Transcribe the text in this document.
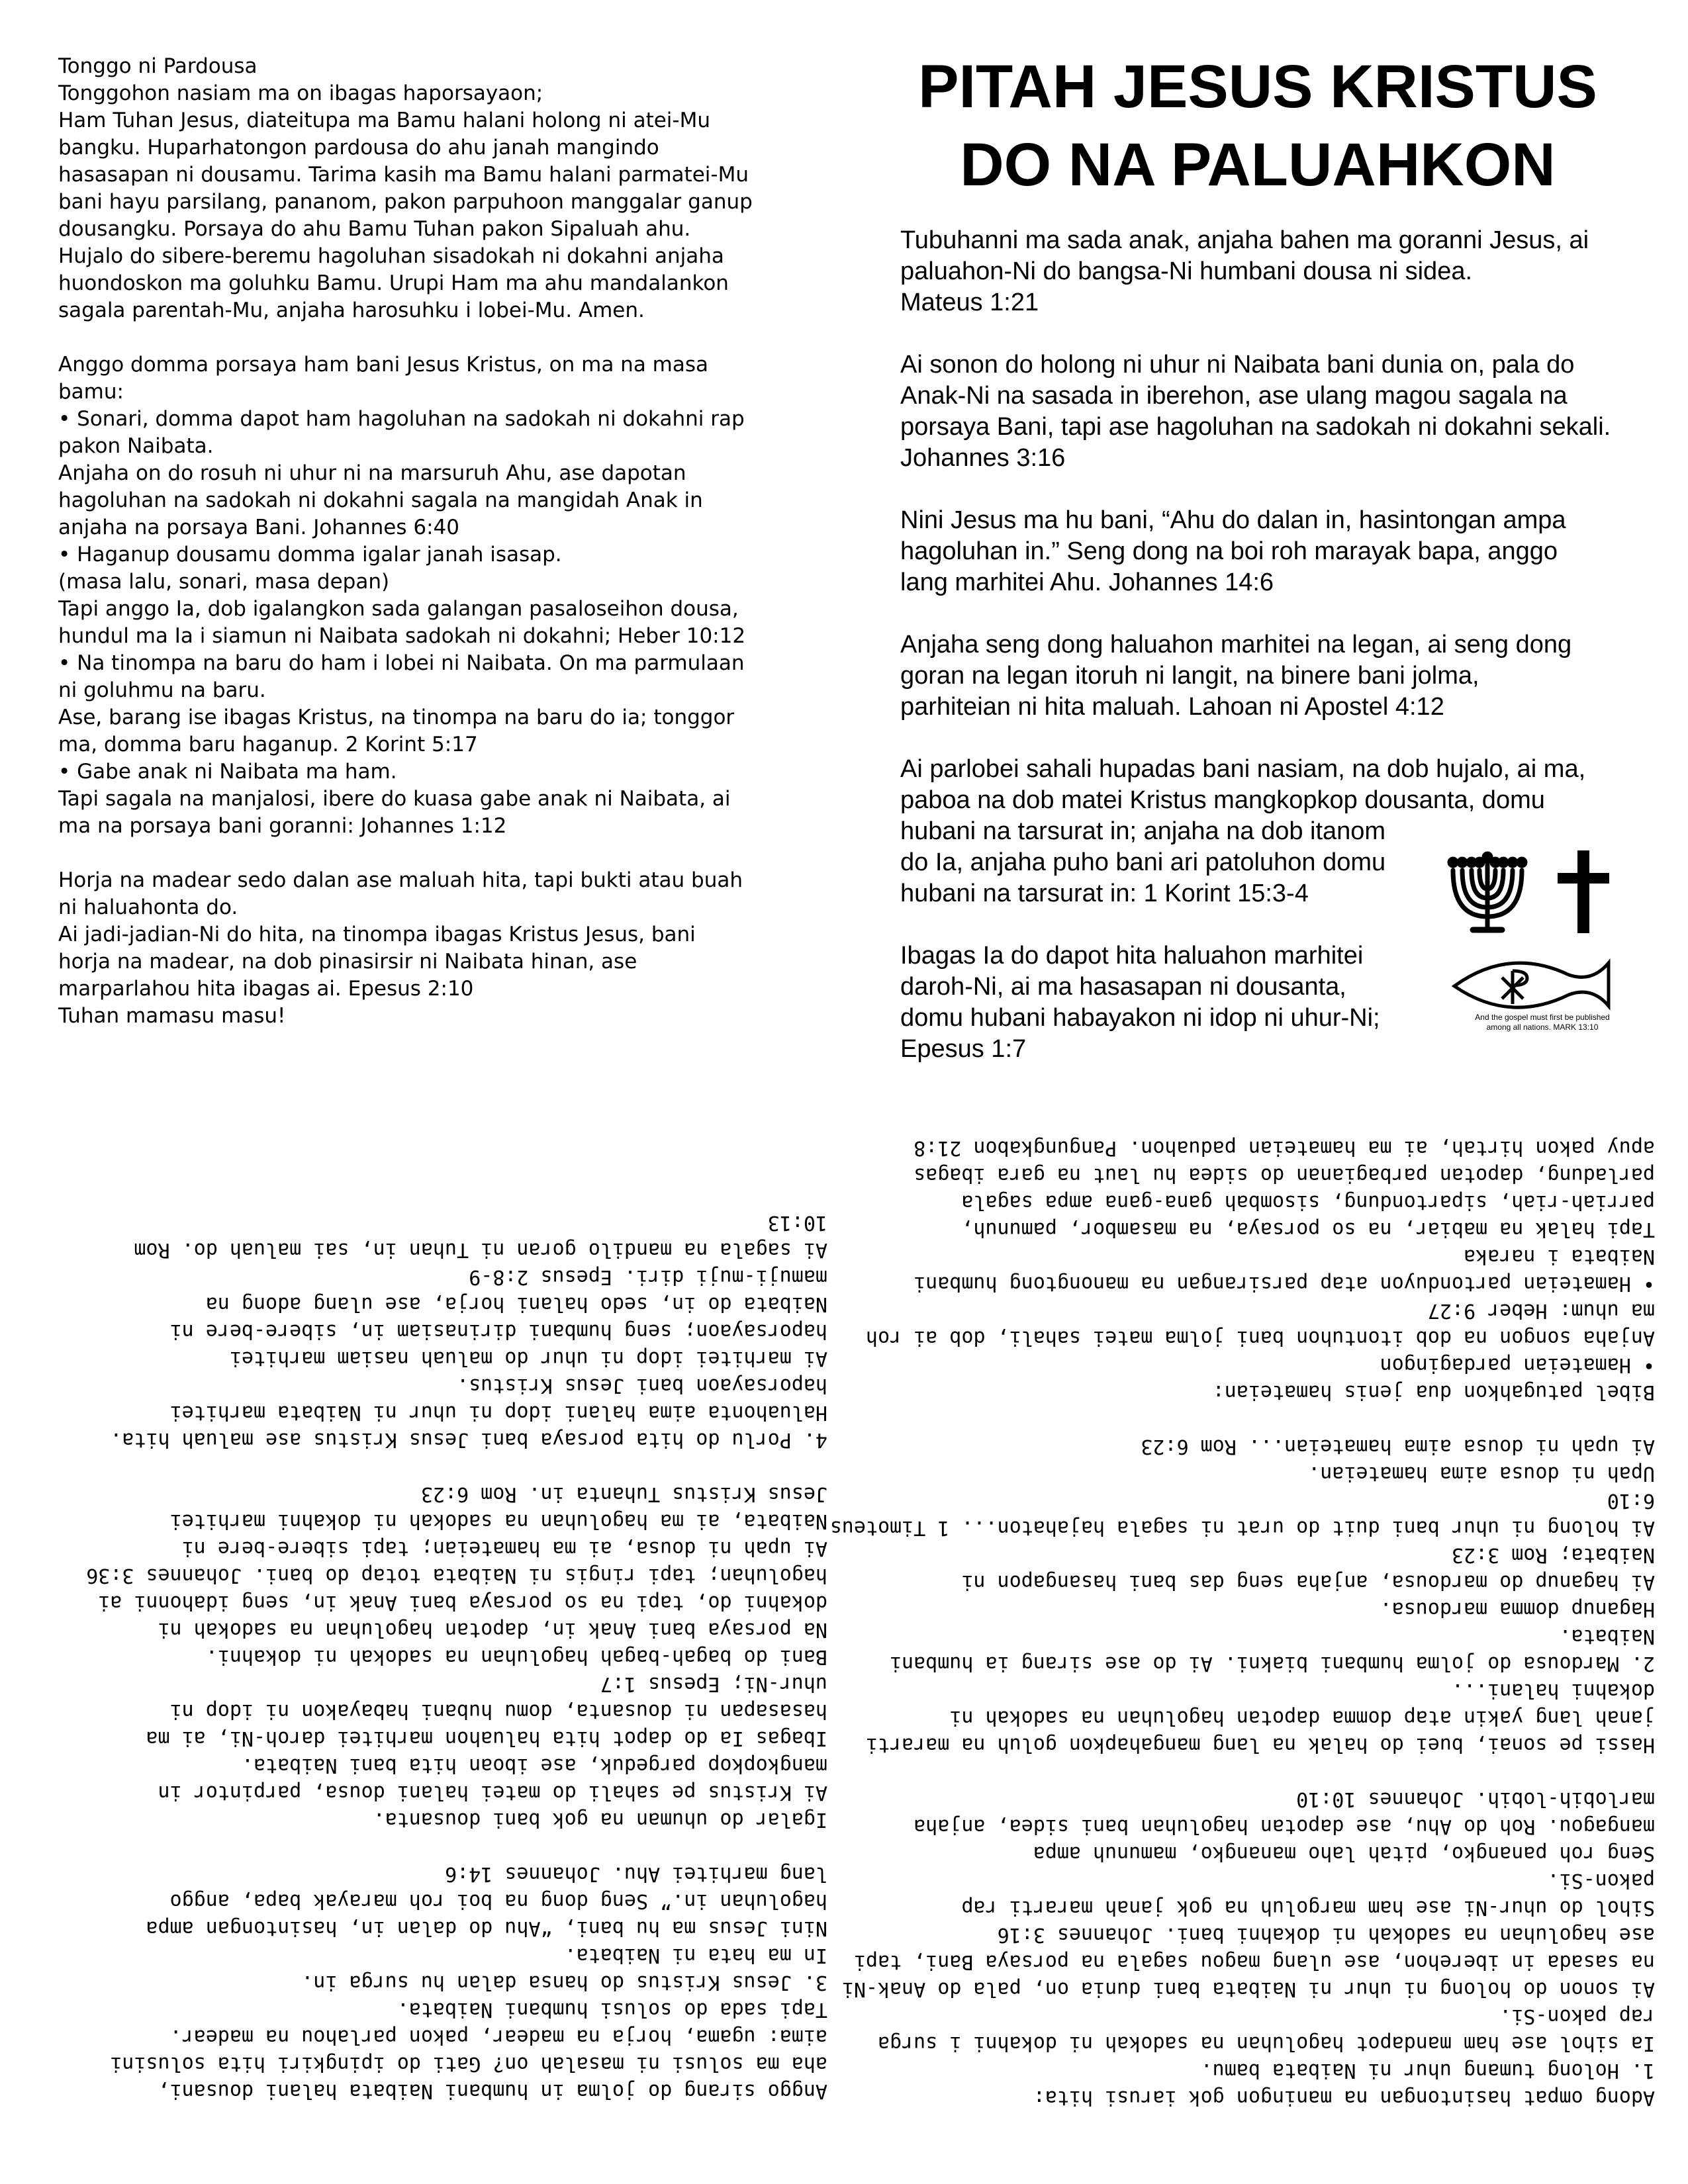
Tonggo ni Pardousa
Tonggohon nasiam ma on ibagas haporsayaon;
Ham Tuhan Jesus, diateitupa ma Bamu halani holong ni atei-Mu
bangku. Huparhatongon pardousa do ahu janah mangindo
hasasapan ni dousamu. Tarima kasih ma Bamu halani parmatei-Mu
bani hayu parsilang, pananom, pakon parpuhoon manggalar ganup
dousangku. Porsaya do ahu Bamu Tuhan pakon Sipaluah ahu.
Hujalo do sibere-beremu hagoluhan sisadokah ni dokahni anjaha
huondoskon ma goluhku Bamu. Urupi Ham ma ahu mandalankon
sagala parentah-Mu, anjaha harosuhku i lobei-Mu. Amen.
Anggo domma porsaya ham bani Jesus Kristus, on ma na masa
bamu:
• Sonari, domma dapot ham hagoluhan na sadokah ni dokahni rap
pakon Naibata.
Anjaha on do rosuh ni uhur ni na marsuruh Ahu, ase dapotan
hagoluhan na sadokah ni dokahni sagala na mangidah Anak in
anjaha na porsaya Bani. Johannes 6:40
• Haganup dousamu domma igalar janah isasap.
(masa lalu, sonari, masa depan)
Tapi anggo Ia, dob igalangkon sada galangan pasaloseihon dousa,
hundul ma Ia i siamun ni Naibata sadokah ni dokahni; Heber 10:12
• Na tinompa na baru do ham i lobei ni Naibata. On ma parmulaan
ni goluhmu na baru.
Ase, barang ise ibagas Kristus, na tinompa na baru do ia; tonggor
ma, domma baru haganup. 2 Korint 5:17
• Gabe anak ni Naibata ma ham.
Tapi sagala na manjalosi, ibere do kuasa gabe anak ni Naibata, ai
ma na porsaya bani goranni: Johannes 1:12
Horja na madear sedo dalan ase maluah hita, tapi bukti atau buah
ni haluahonta do.
Ai jadi-jadian-Ni do hita, na tinompa ibagas Kristus Jesus, bani
horja na madear, na dob pinasirsir ni Naibata hinan, ase
marparlahou hita ibagas ai. Epesus 2:10
Tuhan mamasu masu!
PITAH JESUS KRISTUS
DO NA PALUAHKON
Tubuhanni ma sada anak, anjaha bahen ma goranni Jesus, ai
paluahon-Ni do bangsa-Ni humbani dousa ni sidea.
Mateus 1:21
Ai sonon do holong ni uhur ni Naibata bani dunia on, pala do
Anak-Ni na sasada in iberehon, ase ulang magou sagala na
porsaya Bani, tapi ase hagoluhan na sadokah ni dokahni sekali.
Johannes 3:16
Nini Jesus ma hu bani, “Ahu do dalan in, hasintongan ampa
hagoluhan in.” Seng dong na boi roh marayak bapa, anggo
lang marhitei Ahu. Johannes 14:6
Anjaha seng dong haluahon marhitei na legan, ai seng dong
goran na legan itoruh ni langit, na binere bani jolma,
parhiteian ni hita maluah. Lahoan ni Apostel 4:12
Ai parlobei sahali hupadas bani nasiam, na dob hujalo, ai ma,
paboa na dob matei Kristus mangkopkop dousanta, domu
hubani na tarsurat in; anjaha na dob itanom
do Ia, anjaha puho bani ari patoluhon domu
hubani na tarsurat in: 1 Korint 15:3-4
Ibagas Ia do dapot hita haluahon marhitei
daroh-Ni, ai ma hasasapan ni dousanta,
domu hubani habayakon ni idop ni uhur-Ni;
Epesus 1:7
And the gospel must first be published
among all nations. MARK 13:10
Anggo sirang do jolma in humbani Naibata halani dousani,
aha ma solusi ni masalah on? Gati do ipingkiri hita solusini
aima: ugama, horja na madear, pakon parlahou na madear.
Tapi sada do solusi humbani Naibata.
3. Jesus Kristus do hansa dalan hu surga in.
In ma hata ni Naibata.
Nini Jesus ma hu bani, “Ahu do dalan in, hasintongan ampa
hagoluhan in.” Seng dong na boi roh marayak bapa, anggo
lang marhitei Ahu. Johannes 14:6
Igalar do uhuman na gok bani dousanta.
Ai Kristus pe sahali do matei halani dousa, parpintor in
mangkopkop pargeduk, ase iboan hita bani Naibata.
Ibagas Ia do dapot hita haluahon marhitei daroh-Ni, ai ma
hasasapan ni dousanta, domu hubani habayakon ni idop ni
uhur-Ni; Epesus 1:7
Bani do bagah-bagah hagoluhan na sadokah ni dokahni.
Na porsaya bani Anak in, dapotan hagoluhan na sadokah ni
dokahni do, tapi na so porsaya bani Anak in, seng idahonni ai
hagoluhan; tapi ringis ni Naibata totap do bani. Johannes 3:36
Ai upah ni dousa, ai ma hamateian; tapi sibere-bere ni
Naibata, ai ma hagoluhan na sadokah ni dokahni marhitei
Jesus Kristus Tuhanta in. Rom 6:23
4. Porlu do hita porsaya bani Jesus Kristus ase maluah hita.
Haluahonta aima halani idop ni uhur ni Naibata marhitei
haporsayaon bani Jesus Kristus.
Ai marhitei idop ni uhur do maluah nasiam marhitei
haporsayaon; seng humbani dirinasiam in, sibere-bere ni
Naibata do in, sedo halani horja, ase ulang adong na
mamuji-muji diri. Epesus 2:8-9
Ai sagala na mandilo goran ni Tuhan in, sai maluah do. Rom
10:13
Adong ompat hasintongan na maningon gok iarusi hita:
1. Holong tumang uhur ni Naibata bamu.
Ia sihol ase ham mandapot hagoluhan na sadokah ni dokahni i surga
rap pakon-Si.
Ai sonon do holong ni uhur ni Naibata bani dunia on, pala do Anak-Ni
na sasada in iberehon, ase ulang magou sagala na porsaya Bani, tapi
ase hagoluhan na sadokah ni dokahni bani. Johannes 3:16
Sihol do uhur-Ni ase ham margoluh na gok janah mararti rap
pakon-Si.
Seng roh panangko, pitah laho manangko, mamunuh ampa
mangagou. Roh do Ahu, ase dapotan hagoluhan bani sidea, anjaha
marlobih-lobih. Johannes 10:10
Hassi pe sonai, buei do halak na lang mangahapkon goluh na mararti
janah lang yakin atap domma dapotan hagoluhan na sadokah ni
dokahni halani...
2. Mardousa do jolma humbani biakni. Ai do ase sirang ia humbani
Naibata.
Haganup domma mardousa.
Ai haganup do mardousa, anjaha seng das bani hasangapon ni
Naibata; Rom 3:23
Ai holong ni uhur bani duit do urat ni sagala hajahaton... 1 Timoteus
6:10
Upah ni dousa aima hamateian.
Ai upah ni dousa aima hamateian... Rom 6:23
Bibel patugahkon dua jenis hamateian:
• Hamateian pardagingon
Anjaha songon na dob itontuhon bani jolma matei sahali, dob ai roh
ma uhum: Heber 9:27
• Hamateian partonduyon atap parsirangan na manongtong humbani
Naibata i naraka
Tapi halak na mabiar, na so porsaya, na masambor, pamunuh,
parriah-riah, sipartondung, sisombah gana-gana ampa sagala
parladung, dapotan parbagianan do sidea hu laut na gara ibagas
apuy pakon hirtah, ai ma hamateian paduahon. Pangungkabon 21:8
